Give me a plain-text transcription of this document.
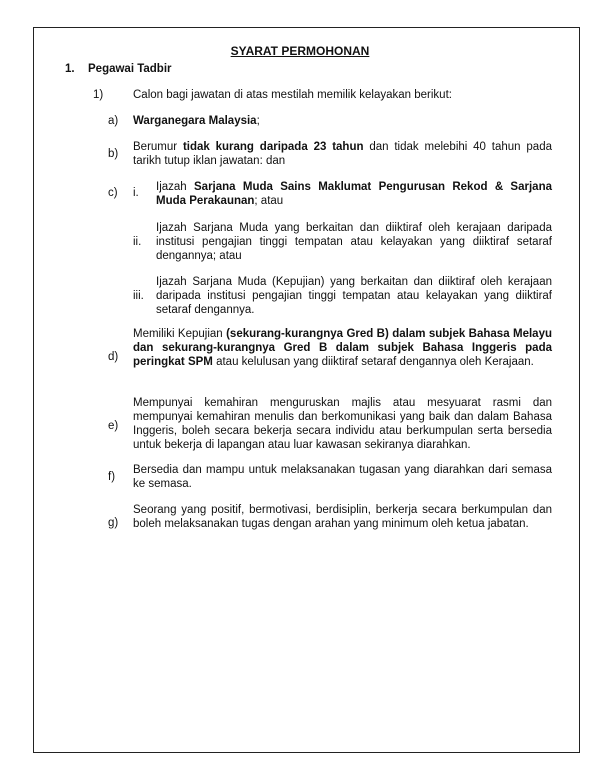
SYARAT PERMOHONAN
1. Pegawai Tadbir
1)	Calon bagi jawatan di atas mestilah memilik kelayakan berikut:
a) Warganegara Malaysia;
b)
Berumur tidak kurang daripada 23 tahun dan tidak melebihi 40 tahun pada tarikh tutup iklan jawatan: dan
c) i. Ijazah Sarjana Muda Sains Maklumat Pengurusan Rekod & Sarjana Muda Perakaunan; atau
ii.
Ijazah Sarjana Muda yang berkaitan dan diiktiraf oleh kerajaan daripada institusi pengajian tinggi tempatan atau kelayakan yang diiktiraf setaraf dengannya; atau
iii.
Ijazah Sarjana Muda (Kepujian) yang berkaitan dan diiktiraf oleh kerajaan daripada institusi pengajian tinggi tempatan atau kelayakan yang diiktiraf setaraf dengannya.
d)
Memiliki Kepujian (sekurang-kurangnya Gred B) dalam subjek Bahasa Melayu dan sekurang-kurangnya Gred B dalam subjek Bahasa Inggeris pada peringkat SPM atau kelulusan yang diiktiraf setaraf dengannya oleh Kerajaan.
e)
Mempunyai kemahiran menguruskan majlis atau mesyuarat rasmi dan mempunyai kemahiran menulis dan berkomunikasi yang baik dan dalam Bahasa Inggeris, boleh secara bekerja secara individu atau berkumpulan serta bersedia untuk bekerja di lapangan atau luar kawasan sekiranya diarahkan.
f)
Bersedia dan mampu untuk melaksanakan tugasan yang diarahkan dari semasa ke semasa.
g)
Seorang yang positif, bermotivasi, berdisiplin, berkerja secara berkumpulan dan boleh melaksanakan tugas dengan arahan yang minimum oleh ketua jabatan.
